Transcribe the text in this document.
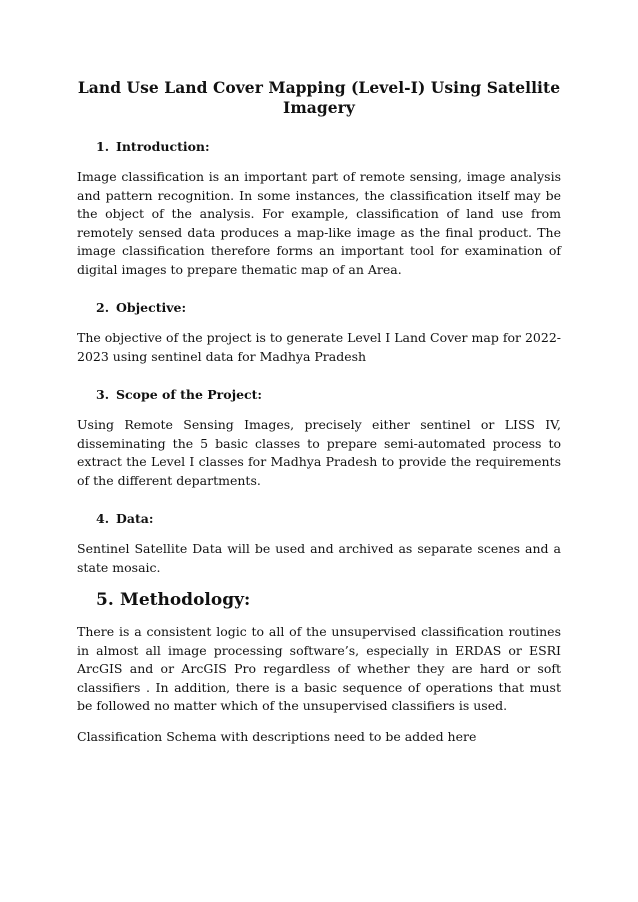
Land Use Land Cover Mapping (Level-I) Using Satellite Imagery
1. Introduction:

Image classification is an important part of remote sensing, image analysis and pattern recognition. In some instances, the classification itself may be the object of the analysis. For example, classification of land use from remotely sensed data produces a map-like image as the final product. The image classification therefore forms an important tool for examination of digital images to prepare thematic map of an Area.

2. Objective:

The objective of the project is to generate Level I Land Cover map for 2022-2023 using sentinel data for Madhya Pradesh

3. Scope of the Project:

Using Remote Sensing Images, precisely either sentinel or LISS IV, disseminating the 5 basic classes to prepare semi-automated process to extract the Level I classes for Madhya Pradesh to provide the requirements of the different departments.

4. Data:

Sentinel Satellite Data will be used and archived as separate scenes and a state mosaic.

5. Methodology:

There is a consistent logic to all of the unsupervised classification routines in almost all image processing software’s, especially in ERDAS or ESRI ArcGIS and or ArcGIS Pro regardless of whether they are hard or soft classifiers . In addition, there is a basic sequence of operations that must be followed no matter which of the unsupervised classifiers is used.

Classification Schema with descriptions need to be added here
